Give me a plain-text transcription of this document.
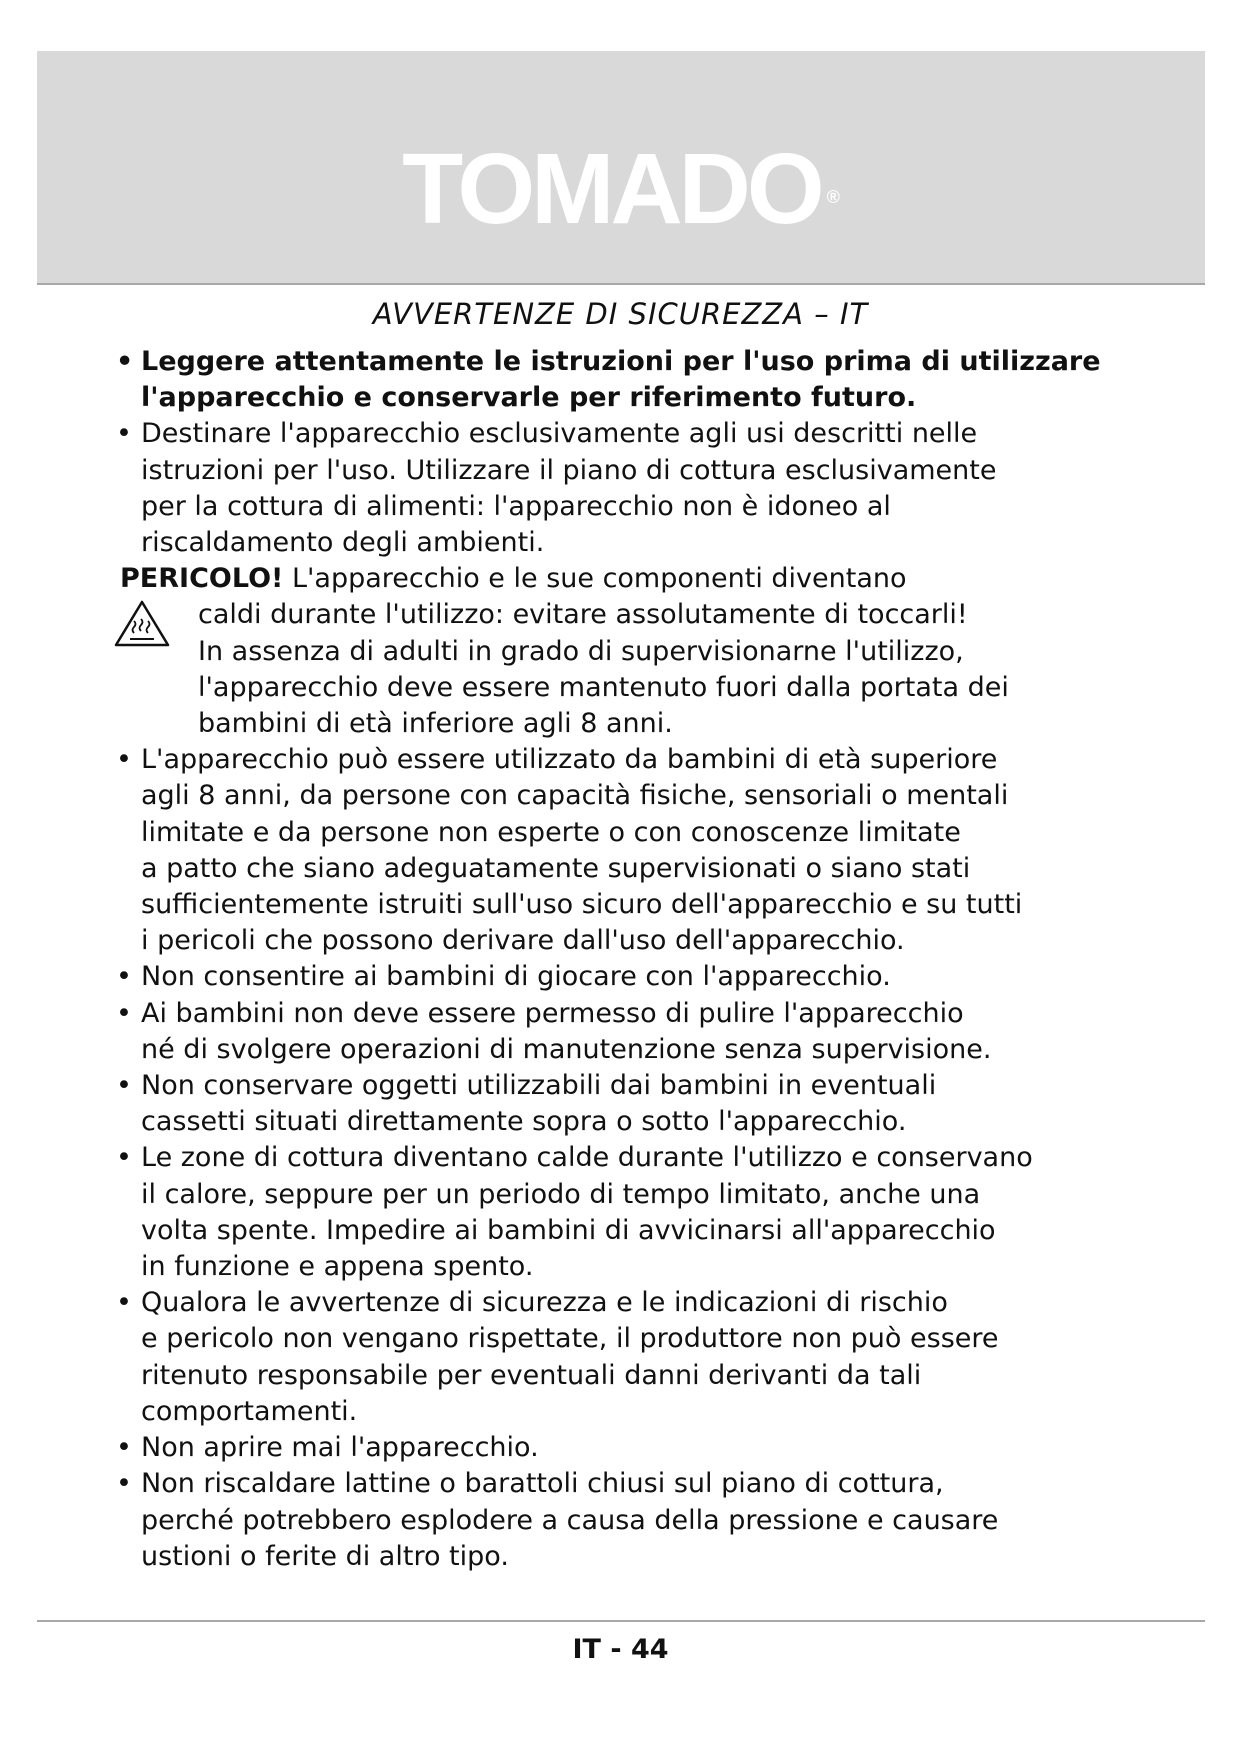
TOMADO ®
AVVERTENZE DI SICUREZZA – IT
• Leggere attentamente le istruzioni per l'uso prima di utilizzare
l'apparecchio e conservarle per riferimento futuro.
• Destinare l'apparecchio esclusivamente agli usi descritti nelle
istruzioni per l'uso. Utilizzare il piano di cottura esclusivamente
per la cottura di alimenti: l'apparecchio non è idoneo al
riscaldamento degli ambienti.
PERICOLO! L'apparecchio e le sue componenti diventano
caldi durante l'utilizzo: evitare assolutamente di toccarli!
In assenza di adulti in grado di supervisionarne l'utilizzo,
l'apparecchio deve essere mantenuto fuori dalla portata dei
bambini di età inferiore agli 8 anni.
• L'apparecchio può essere utilizzato da bambini di età superiore
agli 8 anni, da persone con capacità fisiche, sensoriali o mentali
limitate e da persone non esperte o con conoscenze limitate
a patto che siano adeguatamente supervisionati o siano stati
sufficientemente istruiti sull'uso sicuro dell'apparecchio e su tutti
i pericoli che possono derivare dall'uso dell'apparecchio.
• Non consentire ai bambini di giocare con l'apparecchio.
• Ai bambini non deve essere permesso di pulire l'apparecchio
né di svolgere operazioni di manutenzione senza supervisione.
• Non conservare oggetti utilizzabili dai bambini in eventuali
cassetti situati direttamente sopra o sotto l'apparecchio.
• Le zone di cottura diventano calde durante l'utilizzo e conservano
il calore, seppure per un periodo di tempo limitato, anche una
volta spente. Impedire ai bambini di avvicinarsi all'apparecchio
in funzione e appena spento.
• Qualora le avvertenze di sicurezza e le indicazioni di rischio
e pericolo non vengano rispettate, il produttore non può essere
ritenuto responsabile per eventuali danni derivanti da tali
comportamenti.
• Non aprire mai l'apparecchio.
• Non riscaldare lattine o barattoli chiusi sul piano di cottura,
perché potrebbero esplodere a causa della pressione e causare
ustioni o ferite di altro tipo.
IT - 44
